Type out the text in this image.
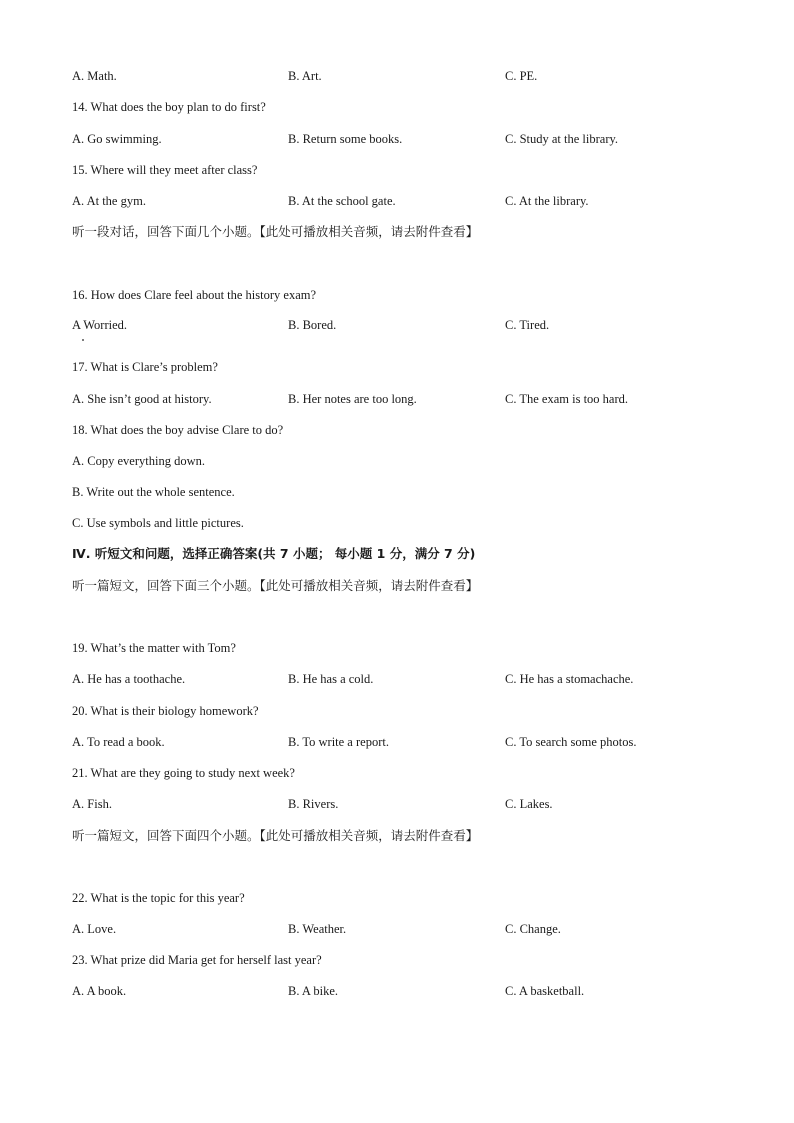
A. Math.	B. Art.	C. PE.
14. What does the boy plan to do first?
A. Go swimming.	B. Return some books.	C. Study at the library.
15. Where will they meet after class?
A. At the gym.	B. At the school gate.	C. At the library.
听一段对话，回答下面几个小题。【此处可播放相关音频，请去附件查看】
16. How does Clare feel about the history exam?
A Worried.	B. Bored.	C. Tired.
17. What is Clare’s problem?
A. She isn’t good at history.	B. Her notes are too long.	C. The exam is too hard.
18. What does the boy advise Clare to do?
A. Copy everything down.
B. Write out the whole sentence.
C. Use symbols and little pictures.
Ⅳ. 听短文和问题，选择正确答案(共 7 小题； 每小题 1 分，满分 7 分)
听一篇短文，回答下面三个小题。【此处可播放相关音频，请去附件查看】
19. What’s the matter with Tom?
A. He has a toothache.	B. He has a cold.	C. He has a stomachache.
20. What is their biology homework?
A. To read a book.	B. To write a report.	C. To search some photos.
21. What are they going to study next week?
A. Fish.	B. Rivers.	C. Lakes.
听一篇短文，回答下面四个小题。【此处可播放相关音频，请去附件查看】
22. What is the topic for this year?
A. Love.	B. Weather.	C. Change.
23. What prize did Maria get for herself last year?
A. A book.	B. A bike.	C. A basketball.
